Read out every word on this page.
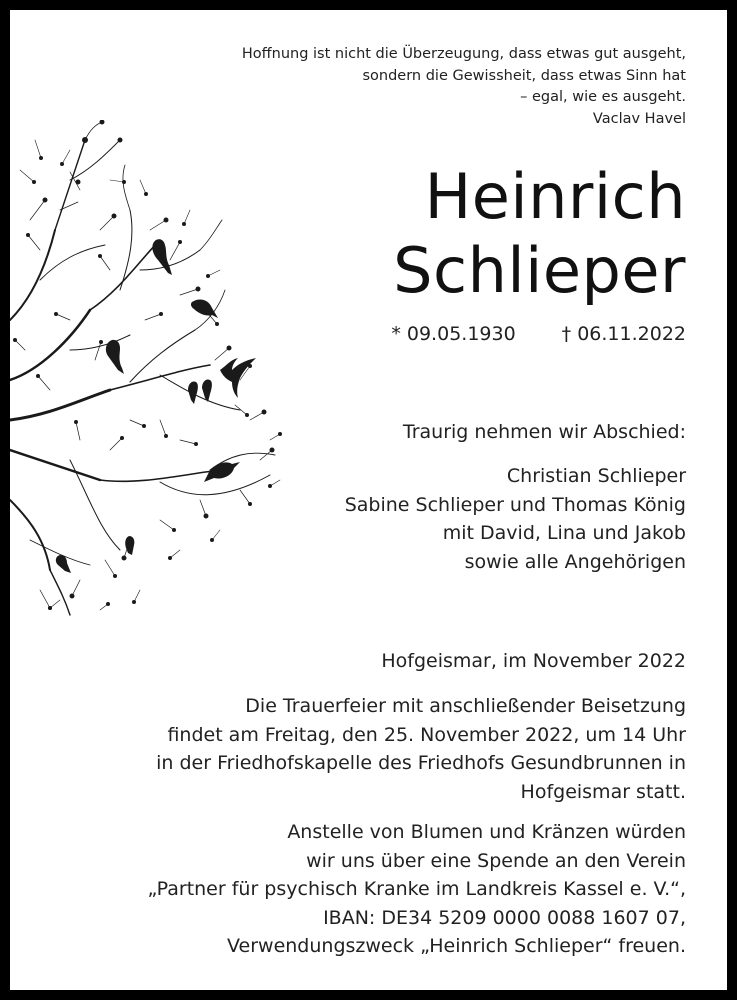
Hoffnung ist nicht die Überzeugung, dass etwas gut ausgeht,
sondern die Gewissheit, dass etwas Sinn hat
– egal, wie es ausgeht.
Vaclav Havel
Heinrich
Schlieper
* 09.05.1930 † 06.11.2022
Traurig nehmen wir Abschied:
Christian Schlieper
Sabine Schlieper und Thomas König
mit David, Lina und Jakob
sowie alle Angehörigen
Hofgeismar, im November 2022
Die Trauerfeier mit anschließender Beisetzung
findet am Freitag, den 25. November 2022, um 14 Uhr
in der Friedhofskapelle des Friedhofs Gesundbrunnen in
Hofgeismar statt.
Anstelle von Blumen und Kränzen würden
wir uns über eine Spende an den Verein
„Partner für psychisch Kranke im Landkreis Kassel e. V.“,
IBAN: DE34 5209 0000 0088 1607 07,
Verwendungszweck „Heinrich Schlieper“ freuen.
